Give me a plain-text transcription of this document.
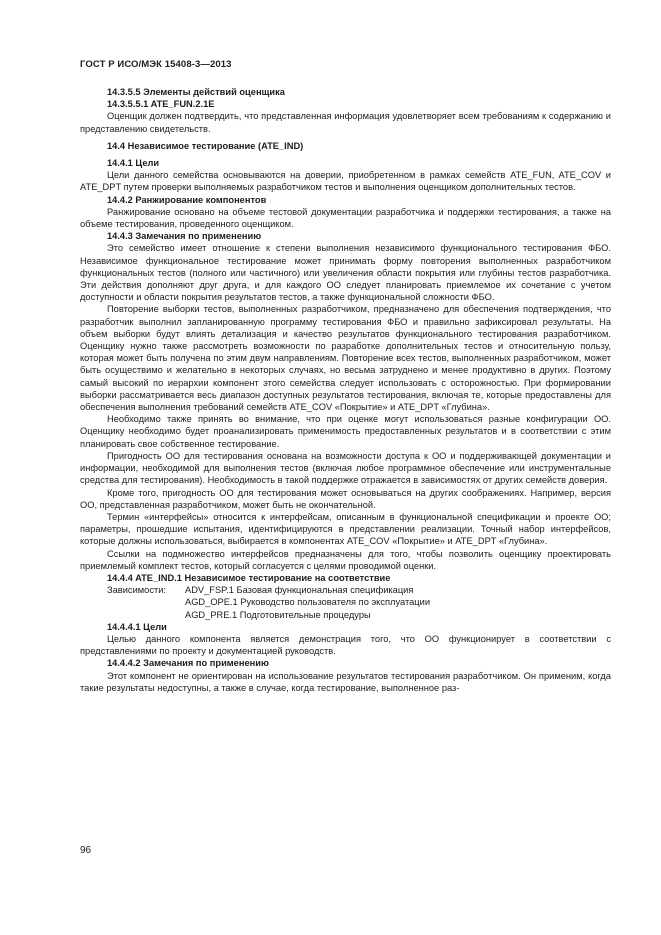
ГОСТ Р ИСО/МЭК 15408-3—2013

14.3.5.5 Элементы действий оценщика

14.3.5.5.1 ATE_FUN.2.1E

Оценщик должен подтвердить, что представленная информация удовлетворяет всем требованиям к содержанию и представлению свидетельств.

14.4 Независимое тестирование (ATE_IND)

14.4.1 Цели

Цели данного семейства основываются на доверии, приобретенном в рамках семейств ATE_FUN, ATE_COV и ATE_DPT путем проверки выполняемых разработчиком тестов и выполнения оценщиком дополнительных тестов.

14.4.2 Ранжирование компонентов

Ранжирование основано на объеме тестовой документации разработчика и поддержки тестирования, а также на объеме тестирования, проведенного оценщиком.

14.4.3 Замечания по применению

Это семейство имеет отношение к степени выполнения независимого функционального тестирования ФБО. Независимое функциональное тестирование может принимать форму повторения выполненных разработчиком функциональных тестов (полного или частичного) или увеличения области покрытия или глубины тестов разработчика. Эти действия дополняют друг друга, и для каждого ОО следует планировать приемлемое их сочетание с учетом доступности и области покрытия результатов тестов, а также функциональной сложности ФБО.

Повторение выборки тестов, выполненных разработчиком, предназначено для обеспечения подтверждения, что разработчик выполнил запланированную программу тестирования ФБО и правильно зафиксировал результаты. На объем выборки будут влиять детализация и качество результатов функционального тестирования разработчиком. Оценщику нужно также рассмотреть возможности по разработке дополнительных тестов и относительную пользу, которая может быть получена по этим двум направлениям. Повторение всех тестов, выполненных разработчиком, может быть осуществимо и желательно в некоторых случаях, но весьма затруднено и менее продуктивно в других. Поэтому самый высокий по иерархии компонент этого семейства следует использовать с осторожностью. При формировании выборки рассматривается весь диапазон доступных результатов тестирования, включая те, которые предоставлены для обеспечения выполнения требований семейств ATE_COV «Покрытие» и ATE_DPT «Глубина».

Необходимо также принять во внимание, что при оценке могут использоваться разные конфигурации ОО. Оценщику необходимо будет проанализировать применимость предоставленных результатов и в соответствии с этим планировать свое собственное тестирование.

Пригодность ОО для тестирования основана на возможности доступа к ОО и поддерживающей документации и информации, необходимой для выполнения тестов (включая любое программное обеспечение или инструментальные средства для тестирования). Необходимость в такой поддержке отражается в зависимостях от других семейств доверия.

Кроме того, пригодность ОО для тестирования может основываться на других соображениях. Например, версия ОО, представленная разработчиком, может быть не окончательной.

Термин «интерфейсы» относится к интерфейсам, описанным в функциональной спецификации и проекте ОО; параметры, прошедшие испытания, идентифицируются в представлении реализации. Точный набор интерфейсов, которые должны использоваться, выбирается в компонентах ATE_COV «Покрытие» и ATE_DPT «Глубина».

Ссылки на подмножество интерфейсов предназначены для того, чтобы позволить оценщику проектировать приемлемый комплект тестов, который согласуется с целями проводимой оценки.

14.4.4 ATE_IND.1 Независимое тестирование на соответствие

Зависимости:	ADV_FSP.1 Базовая функциональная спецификация
AGD_OPE.1 Руководство пользователя по эксплуатации
AGD_PRE.1 Подготовительные процедуры

14.4.4.1 Цели

Целью данного компонента является демонстрация того, что ОО функционирует в соответствии с представлениями по проекту и документацией руководств.

14.4.4.2 Замечания по применению

Этот компонент не ориентирован на использование результатов тестирования разработчиком. Он применим, когда такие результаты недоступны, а также в случае, когда тестирование, выполненное раз-

96
